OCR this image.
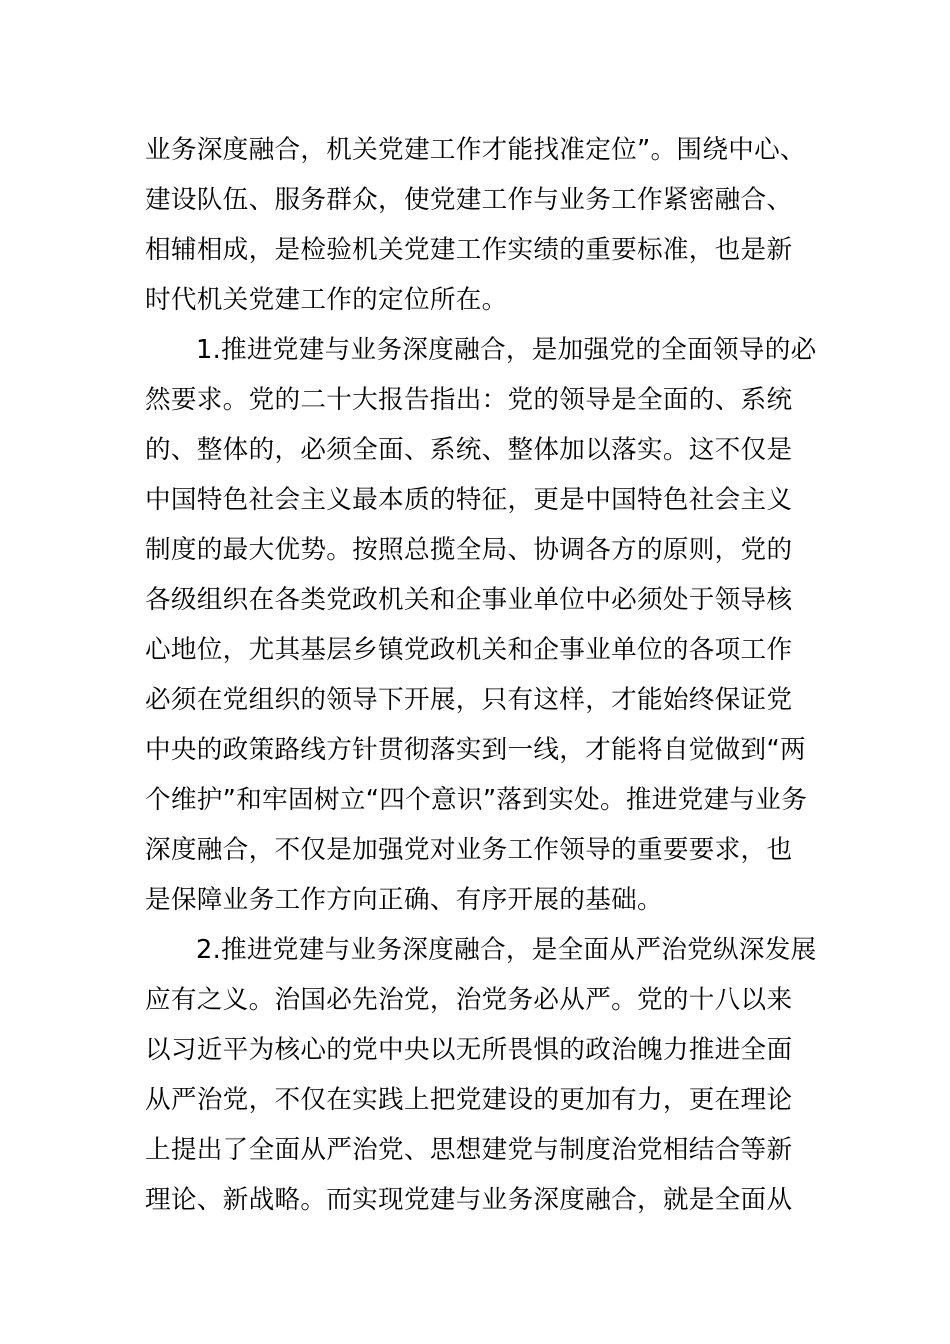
业务深度融合，机关党建工作才能找准定位”。围绕中心、
建设队伍、服务群众，使党建工作与业务工作紧密融合、
相辅相成，是检验机关党建工作实绩的重要标准，也是新
时代机关党建工作的定位所在。
1.推进党建与业务深度融合，是加强党的全面领导的必
然要求。党的二十大报告指出：党的领导是全面的、系统
的、整体的，必须全面、系统、整体加以落实。这不仅是
中国特色社会主义最本质的特征，更是中国特色社会主义
制度的最大优势。按照总揽全局、协调各方的原则，党的
各级组织在各类党政机关和企事业单位中必须处于领导核
心地位，尤其基层乡镇党政机关和企事业单位的各项工作
必须在党组织的领导下开展，只有这样，才能始终保证党
中央的政策路线方针贯彻落实到一线，才能将自觉做到“两
个维护”和牢固树立“四个意识”落到实处。推进党建与业务
深度融合，不仅是加强党对业务工作领导的重要要求，也
是保障业务工作方向正确、有序开展的基础。
2.推进党建与业务深度融合，是全面从严治党纵深发展
应有之义。治国必先治党，治党务必从严。党的十八以来
以习近平为核心的党中央以无所畏惧的政治魄力推进全面
从严治党，不仅在实践上把党建设的更加有力，更在理论
上提出了全面从严治党、思想建党与制度治党相结合等新
理论、新战略。而实现党建与业务深度融合，就是全面从
